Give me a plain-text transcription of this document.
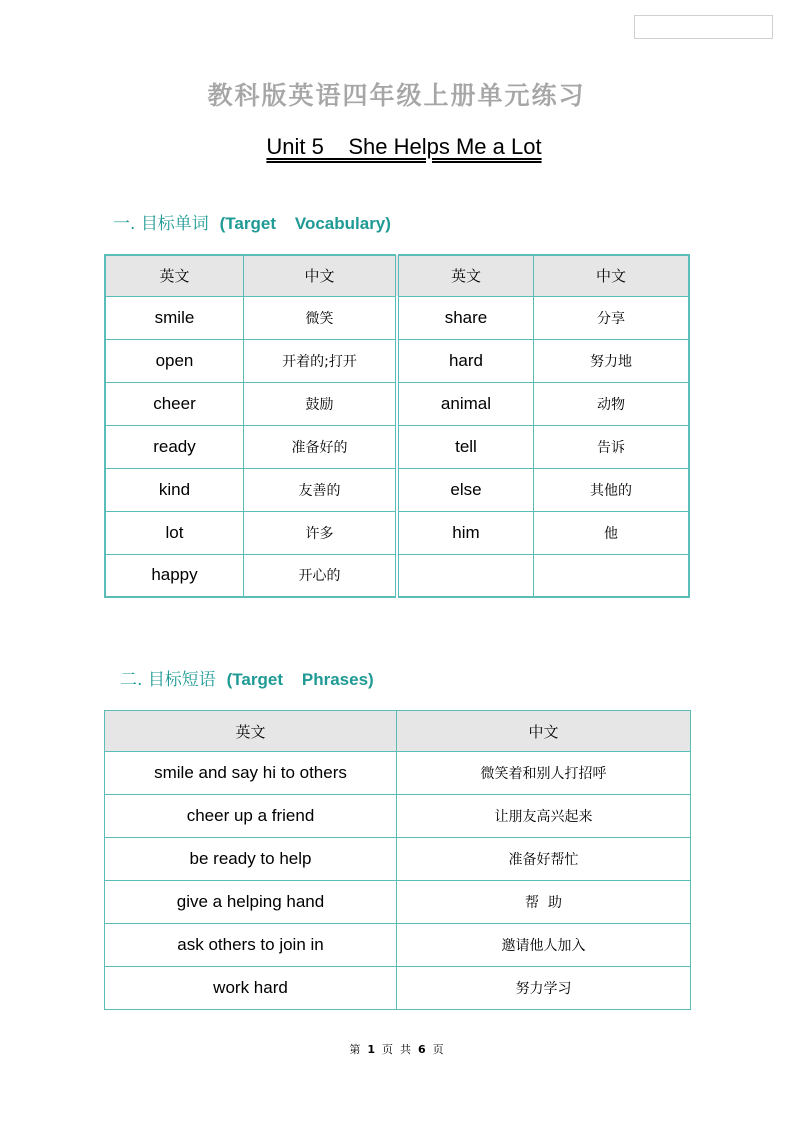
教科版英语四年级上册单元练习
Unit 5    She Helps Me a Lot
一. 目标单词 (Target    Vocabulary)
英文	中文	英文	中文
smile	微笑	share	分享
open	开着的;打开	hard	努力地
cheer	鼓励	animal	动物
ready	准备好的	tell	告诉
kind	友善的	else	其他的
lot	许多	him	他
happy	开心的		
二. 目标短语 (Target    Phrases)
英文	中文
smile and say hi to others	微笑着和别人打招呼
cheer up a friend	让朋友高兴起来
be ready to help	准备好帮忙
give a helping hand	帮  助
ask others to join in	邀请他人加入
work hard	努力学习
第 1 页  共 6 页
